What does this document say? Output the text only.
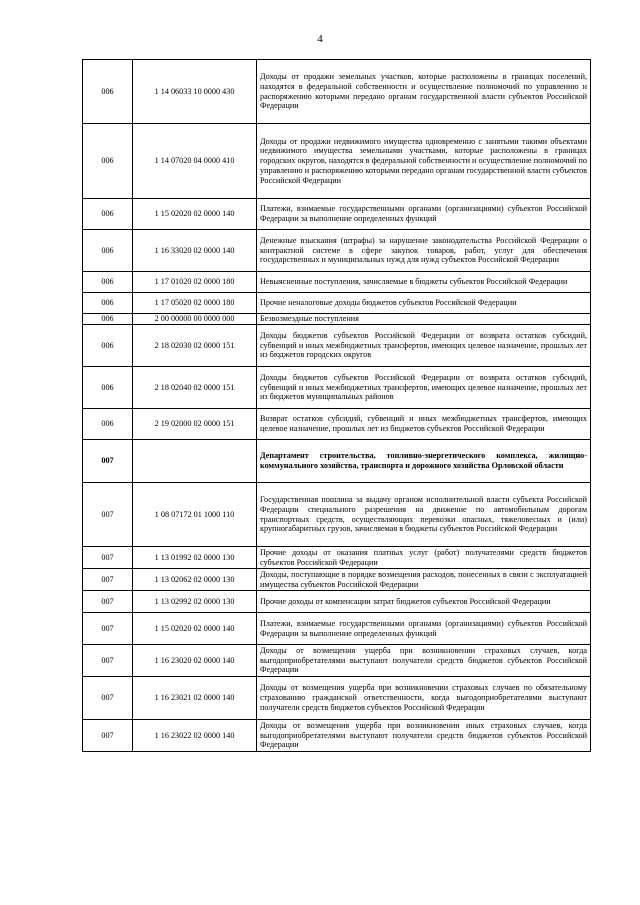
4
006	1 14 06033 10 0000 430	Доходы от продажи земельных участков, которые расположены в границах поселений, находятся в федеральной собственности и осуществление полномочий по управлению и распоряжению которыми передано органам государственной власти субъектов Российской Федерации
006	1 14 07020 04 0000 410	Доходы от продажи недвижимого имущества одновременно с занятыми такими объектами недвижимого имущества земельными участками, которые расположены в границах городских округов, находятся в федеральной собственности и осуществление полномочий по управлению и распоряжению которыми передано органам государственной власти субъектов Российской Федерации
006	1 15 02020 02 0000 140	Платежи, взимаемые государственными органами (организациями) субъектов Российской Федерации за выполнение определенных функций
006	1 16 33020 02 0000 140	Денежные взыскания (штрафы) за нарушение законодательства Российской Федерации о контрактной системе в сфере закупок товаров, работ, услуг для обеспечения государственных и муниципальных нужд для нужд субъектов Российской Федерации
006	1 17 01020 02 0000 180	Невыясненные поступления, зачисляемые в бюджеты субъектов Российской Федерации
006	1 17 05020 02 0000 180	Прочие неналоговые доходы бюджетов субъектов Российской Федерации
006	2 00 00000 00 0000 000	Безвозмездные поступления
006	2 18 02030 02 0000 151	Доходы бюджетов субъектов Российской Федерации от возврата остатков субсидий, субвенций и иных межбюджетных трансфертов, имеющих целевое назначение, прошлых лет из бюджетов городских округов
006	2 18 02040 02 0000 151	Доходы бюджетов субъектов Российской Федерации от возврата остатков субсидий, субвенций и иных межбюджетных трансфертов, имеющих целевое назначение, прошлых лет из бюджетов муниципальных районов
006	2 19 02000 02 0000 151	Возврат остатков субсидий, субвенций и иных межбюджетных трансфертов, имеющих целевое назначение, прошлых лет из бюджетов субъектов Российской Федерации
007		Департамент строительства, топливно-энергетического комплекса, жилищно-коммунального хозяйства, транспорта и дорожного хозяйства Орловской области
007	1 08 07172 01 1000 110	Государственная пошлина за выдачу органом исполнительной власти субъекта Российской Федерации специального разрешения на движение по автомобильным дорогам транспортных средств, осуществляющих перевозки опасных, тяжеловесных и (или) крупногабаритных грузов, зачисляемая в бюджеты субъектов Российской Федерации
007	1 13 01992 02 0000 130	Прочие доходы от оказания платных услуг (работ) получателями средств бюджетов субъектов Российской Федерации
007	1 13 02062 02 0000 130	Доходы, поступающие в порядке возмещения расходов, понесенных в связи с эксплуатацией имущества субъектов Российской Федерации
007	1 13 02992 02 0000 130	Прочие доходы от компенсации затрат бюджетов субъектов Российской Федерации
007	1 15 02020 02 0000 140	Платежи, взимаемые государственными органами (организациями) субъектов Российской Федерации за выполнение определенных функций
007	1 16 23020 02 0000 140	Доходы от возмещения ущерба при возникновении страховых случаев, когда выгодоприобретателями выступают получатели средств бюджетов субъектов Российской Федерации
007	1 16 23021 02 0000 140	Доходы от возмещения ущерба при возникновении страховых случаев по обязательному страхованию гражданской ответственности, когда выгодоприобретателями выступают получатели средств бюджетов субъектов Российской Федерации
007	1 16 23022 02 0000 140	Доходы от возмещения ущерба при возникновении иных страховых случаев, когда выгодоприобретателями выступают получатели средств бюджетов субъектов Российской Федерации
